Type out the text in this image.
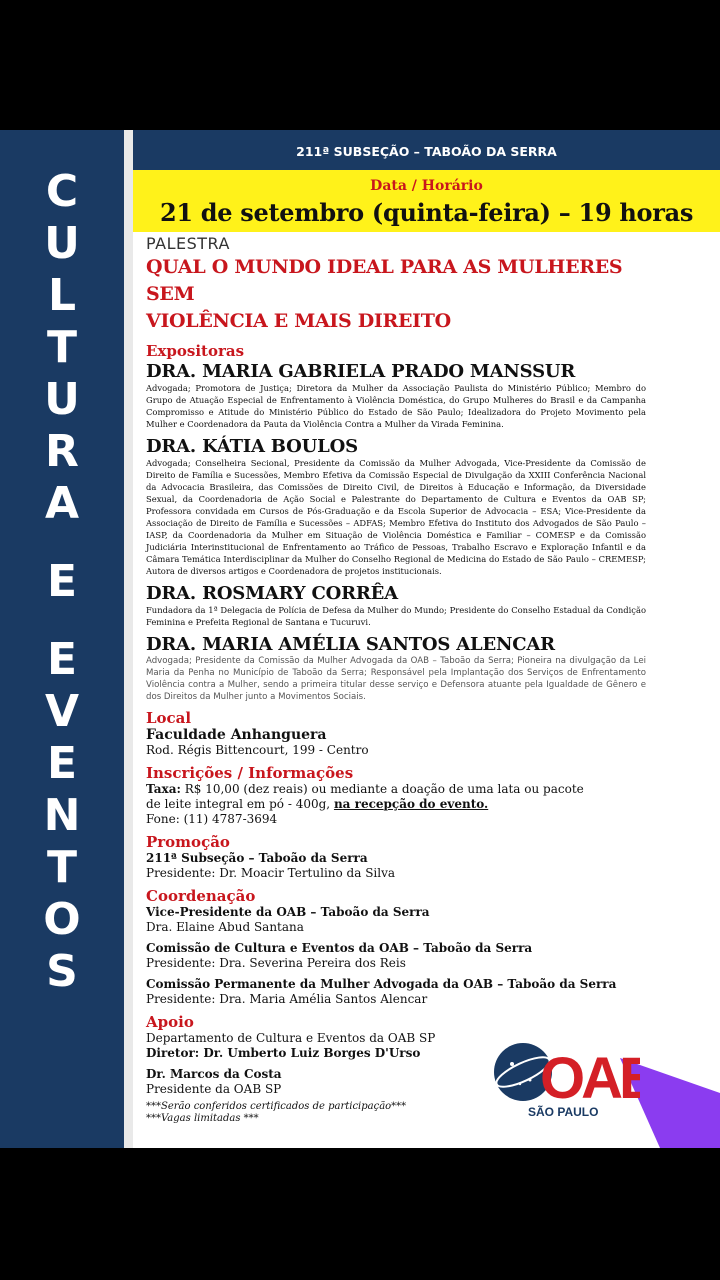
C
U
L
T
U
R
A
E
E
V
E
N
T
O
S
211ª SUBSEÇÃO – TABOÃO DA SERRA
Data / Horário
21 de setembro (quinta-feira) – 19 horas
PALESTRA
QUAL O MUNDO IDEAL PARA AS MULHERES SEM
VIOLÊNCIA E MAIS DIREITO
Expositoras
DRA. MARIA GABRIELA PRADO MANSSUR
Advogada; Promotora de Justiça; Diretora da Mulher da Associação Paulista do Ministério Público; Membro do Grupo de Atuação Especial de Enfrentamento à Violência Doméstica, do Grupo Mulheres do Brasil e da Campanha Compromisso e Atitude do Ministério Público do Estado de São Paulo; Idealizadora do Projeto Movimento pela Mulher e Coordenadora da Pauta da Violência Contra a Mulher da Virada Feminina.
DRA. KÁTIA BOULOS
Advogada; Conselheira Secional, Presidente da Comissão da Mulher Advogada, Vice-Presidente da Comissão de Direito de Família e Sucessões, Membro Efetiva da Comissão Especial de Divulgação da XXIII Conferência Nacional da Advocacia Brasileira, das Comissões de Direito Civil, de Direitos à Educação e Informação, da Diversidade Sexual, da Coordenadoria de Ação Social e Palestrante do Departamento de Cultura e Eventos da OAB SP; Professora convidada em Cursos de Pós-Graduação e da Escola Superior de Advocacia – ESA; Vice-Presidente da Associação de Direito de Família e Sucessões – ADFAS; Membro Efetiva do Instituto dos Advogados de São Paulo – IASP, da Coordenadoria da Mulher em Situação de Violência Doméstica e Familiar – COMESP e da Comissão Judiciária Interinstitucional de Enfrentamento ao Tráfico de Pessoas, Trabalho Escravo e Exploração Infantil e da Câmara Temática Interdisciplinar da Mulher do Conselho Regional de Medicina do Estado de São Paulo – CREMESP; Autora de diversos artigos e Coordenadora de projetos institucionais.
DRA. ROSMARY CORRÊA
Fundadora da 1ª Delegacia de Polícia de Defesa da Mulher do Mundo; Presidente do Conselho Estadual da Condição Feminina e Prefeita Regional de Santana e Tucuruvi.
DRA. MARIA AMÉLIA SANTOS ALENCAR
Advogada; Presidente da Comissão da Mulher Advogada da OAB – Taboão da Serra; Pioneira na divulgação da Lei Maria da Penha no Município de Taboão da Serra; Responsável pela Implantação dos Serviços de Enfrentamento Violência contra a Mulher, sendo a primeira titular desse serviço e Defensora atuante pela Igualdade de Gênero e dos Direitos da Mulher junto a Movimentos Sociais.
Local
Faculdade Anhanguera
Rod. Régis Bittencourt, 199 - Centro
Inscrições / Informações
Taxa: R$ 10,00 (dez reais) ou mediante a doação de uma lata ou pacote
de leite integral em pó - 400g, na recepção do evento.
Fone: (11) 4787-3694
Promoção
211ª Subseção – Taboão da Serra
Presidente: Dr. Moacir Tertulino da Silva
Coordenação
Vice-Presidente da OAB – Taboão da Serra
Dra. Elaine Abud Santana
Comissão de Cultura e Eventos da OAB – Taboão da Serra
Presidente: Dra. Severina Pereira dos Reis
Comissão Permanente da Mulher Advogada da OAB – Taboão da Serra
Presidente: Dra. Maria Amélia Santos Alencar
Apoio
Departamento de Cultura e Eventos da OAB SP
Diretor: Dr. Umberto Luiz Borges D'Urso
Dr. Marcos da Costa
Presidente da OAB SP
***Serão conferidos certificados de participação***
***Vagas limitadas ***
OAB
SÃO PAULO
